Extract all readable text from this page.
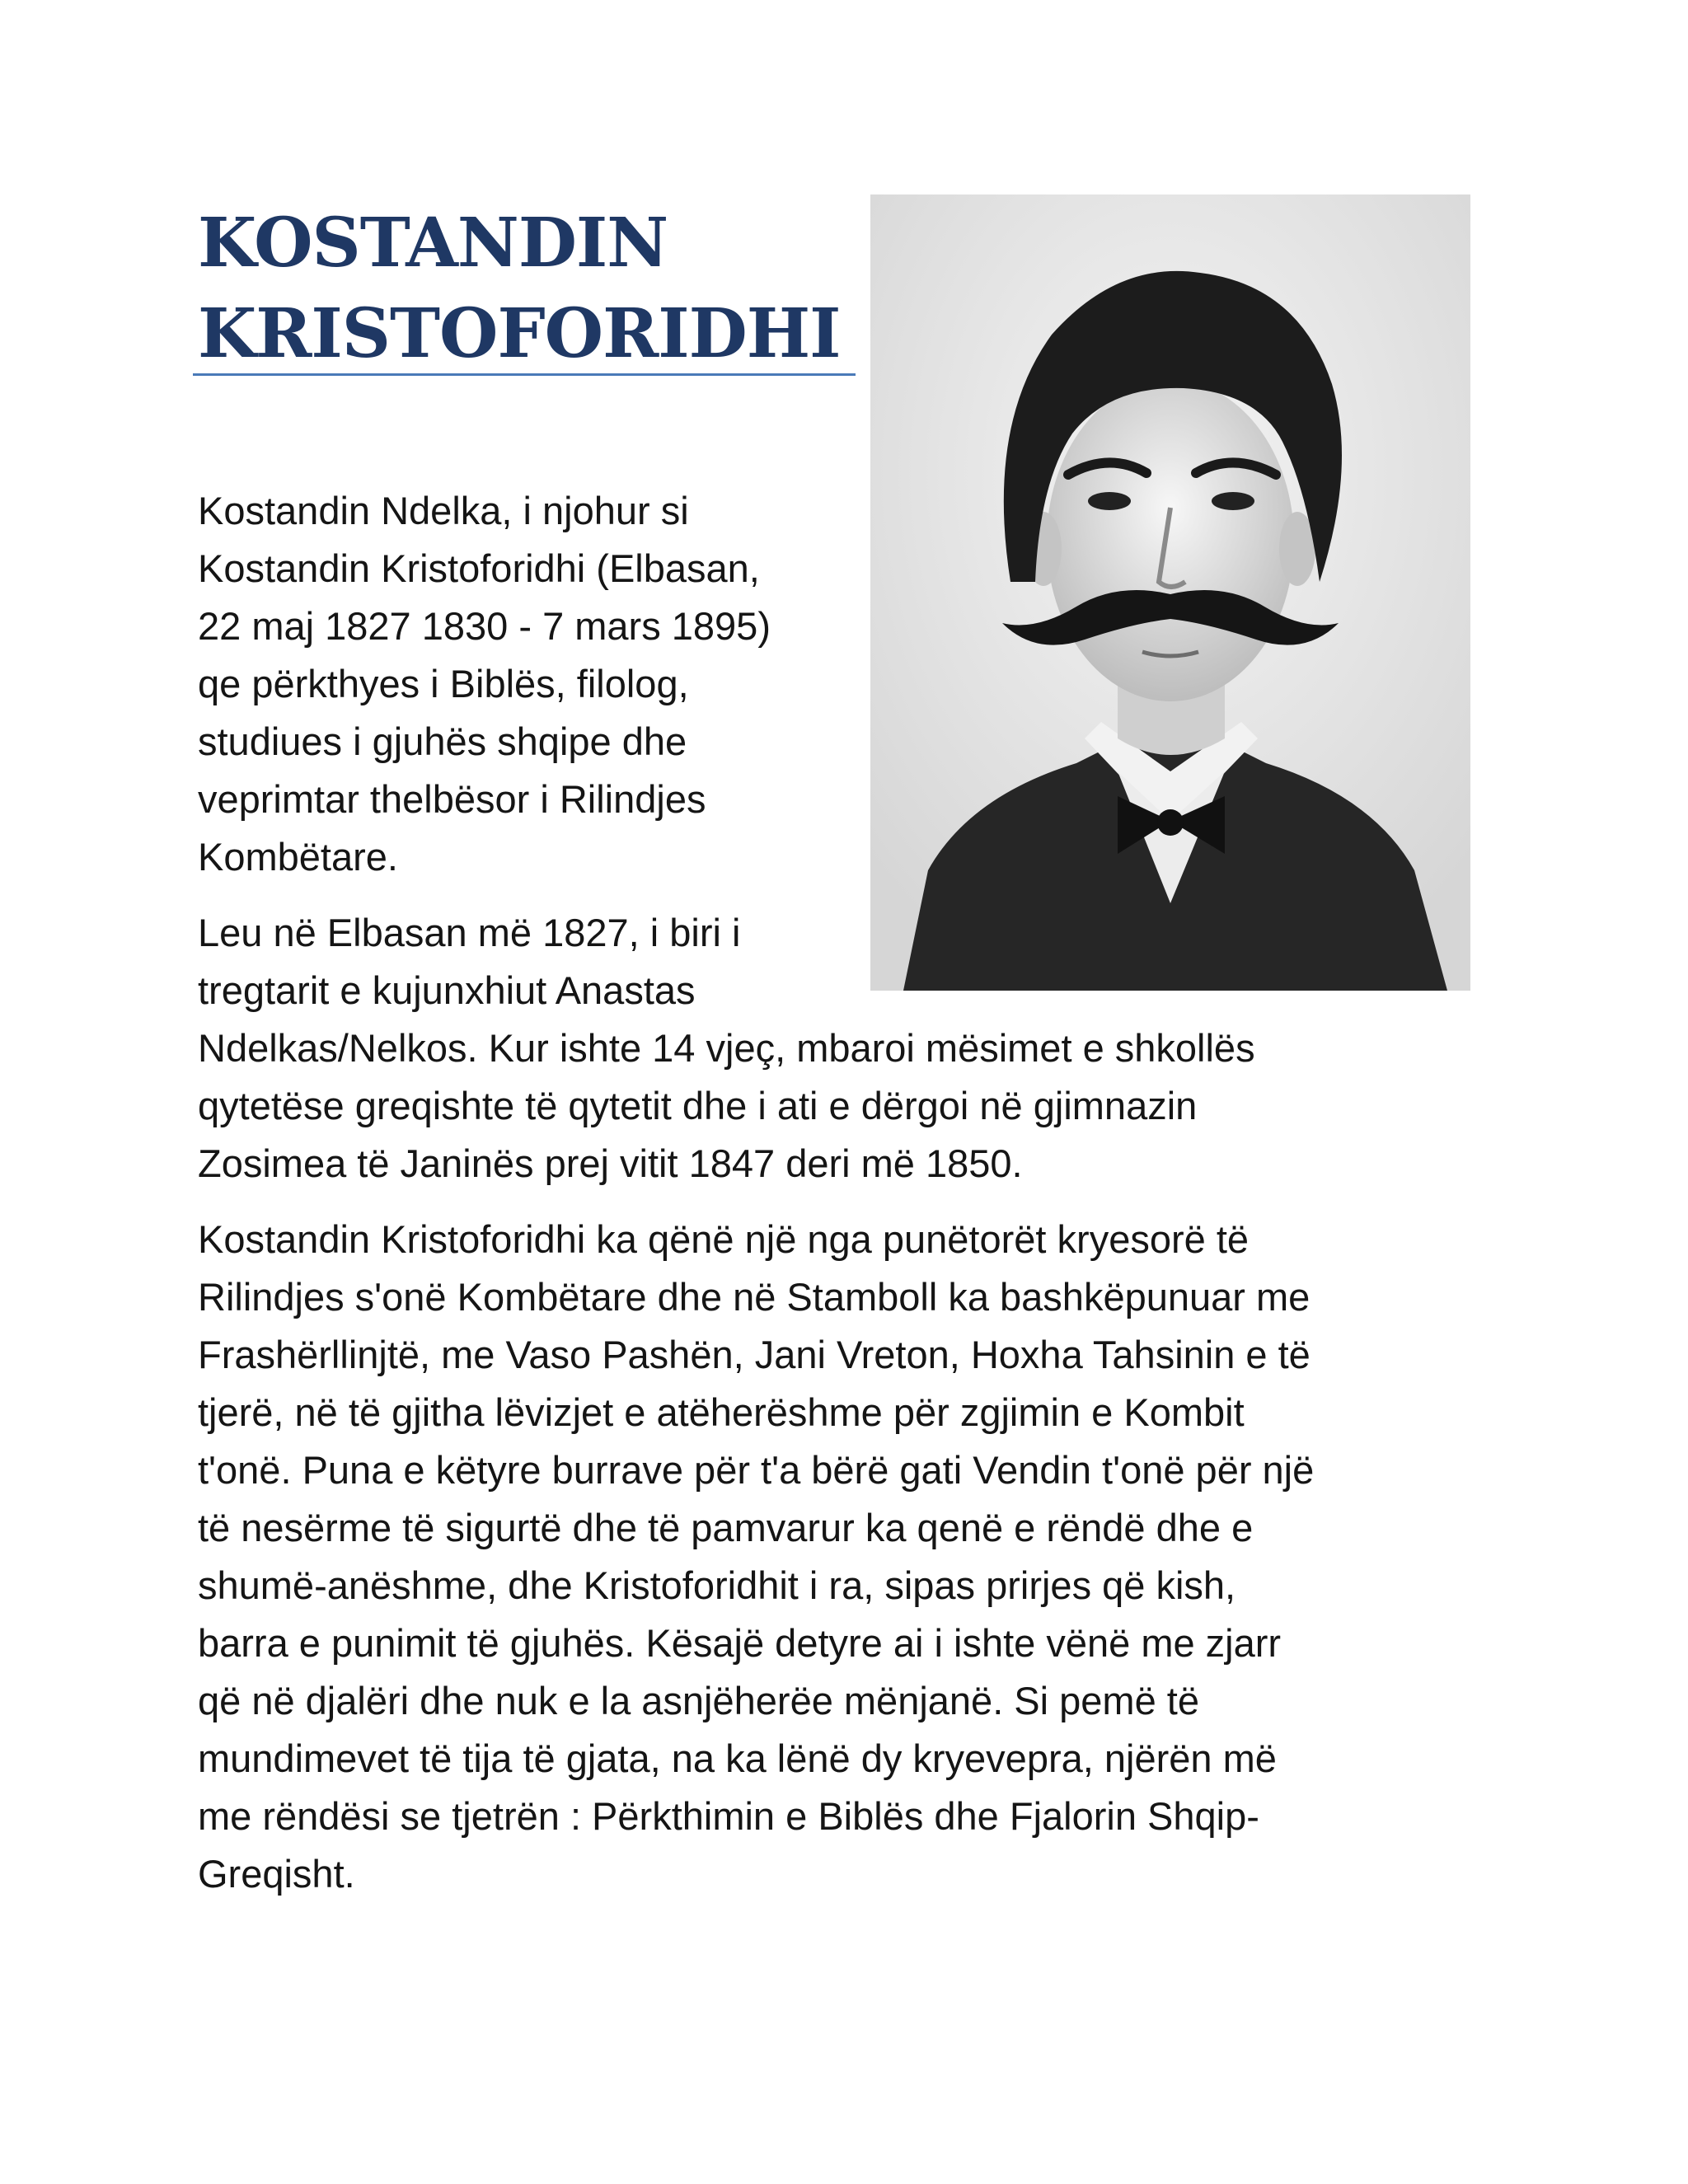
KOSTANDIN
KRISTOFORIDHI

Kostandin Ndelka, i njohur si
Kostandin Kristoforidhi (Elbasan,
22 maj 1827 1830 - 7 mars 1895)
qe përkthyes i Biblës, filolog,
studiues i gjuhës shqipe dhe
veprimtar thelbësor i Rilindjes
Kombëtare.

Leu në Elbasan më 1827, i biri i
tregtarit e kujunxhiut Anastas
Ndelkas/Nelkos. Kur ishte 14 vjeç, mbaroi mësimet e shkollës
qytetëse greqishte të qytetit dhe i ati e dërgoi në gjimnazin
Zosimea të Janinës prej vitit 1847 deri më 1850.

Kostandin Kristoforidhi ka qënë një nga punëtorët kryesorë të
Rilindjes s'onë Kombëtare dhe në Stamboll ka bashkëpunuar me
Frashërllinjtë, me Vaso Pashën, Jani Vreton, Hoxha Tahsinin e të
tjerë, në të gjitha lëvizjet e atëherëshme për zgjimin e Kombit
t'onë. Puna e këtyre burrave për t'a bërë gati Vendin t'onë për një
të nesërme të sigurtë dhe të pamvarur ka qenë e rëndë dhe e
shumë-anëshme, dhe Kristoforidhit i ra, sipas prirjes që kish,
barra e punimit të gjuhës. Kësajë detyre ai i ishte vënë me zjarr
që në djalëri dhe nuk e la asnjëherëe mënjanë. Si pemë të
mundimevet të tija të gjata, na ka lënë dy kryevepra, njërën më
me rëndësi se tjetrën : Përkthimin e Biblës dhe Fjalorin Shqip-
Greqisht.
